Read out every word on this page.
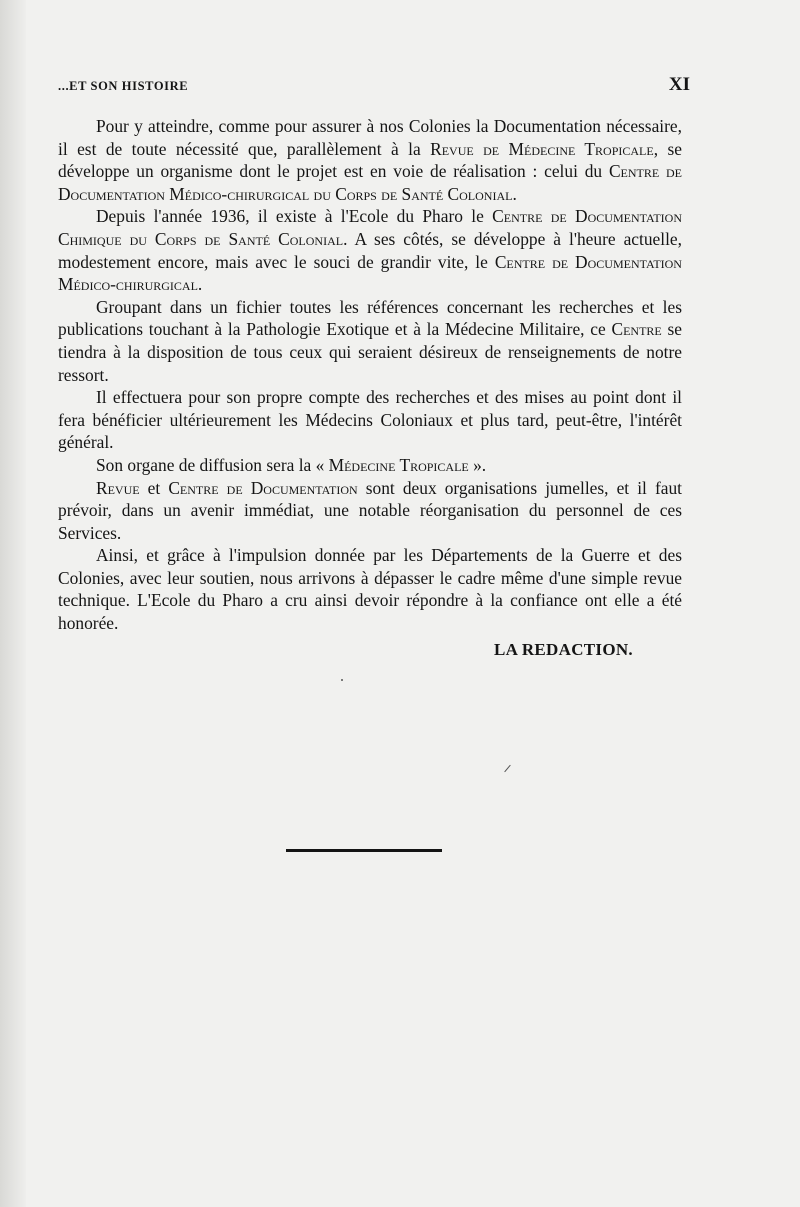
...ET SON HISTOIRE	XI

Pour y atteindre, comme pour assurer à nos Colonies la Documentation nécessaire, il est de toute nécessité que, parallèlement à la Revue de Médecine Tropicale, se développe un organisme dont le projet est en voie de réalisation : celui du Centre de Documentation Médico-chirurgical du Corps de Santé Colonial.

Depuis l'année 1936, il existe à l'Ecole du Pharo le Centre de Documentation Chimique du Corps de Santé Colonial. A ses côtés, se développe à l'heure actuelle, modestement encore, mais avec le souci de grandir vite, le Centre de Documentation Médico-chirurgical.

Groupant dans un fichier toutes les références concernant les recherches et les publications touchant à la Pathologie Exotique et à la Médecine Militaire, ce Centre se tiendra à la disposition de tous ceux qui seraient désireux de renseignements de notre ressort.

Il effectuera pour son propre compte des recherches et des mises au point dont il fera bénéficier ultérieurement les Médecins Coloniaux et plus tard, peut-être, l'intérêt général.

Son organe de diffusion sera la « Médecine Tropicale ».

Revue et Centre de Documentation sont deux organisations jumelles, et il faut prévoir, dans un avenir immédiat, une notable réorganisation du personnel de ces Services.

Ainsi, et grâce à l'impulsion donnée par les Départements de la Guerre et des Colonies, avec leur soutien, nous arrivons à dépasser le cadre même d'une simple revue technique. L'Ecole du Pharo a cru ainsi devoir répondre à la confiance ont elle a été honorée.

LA REDACTION.
